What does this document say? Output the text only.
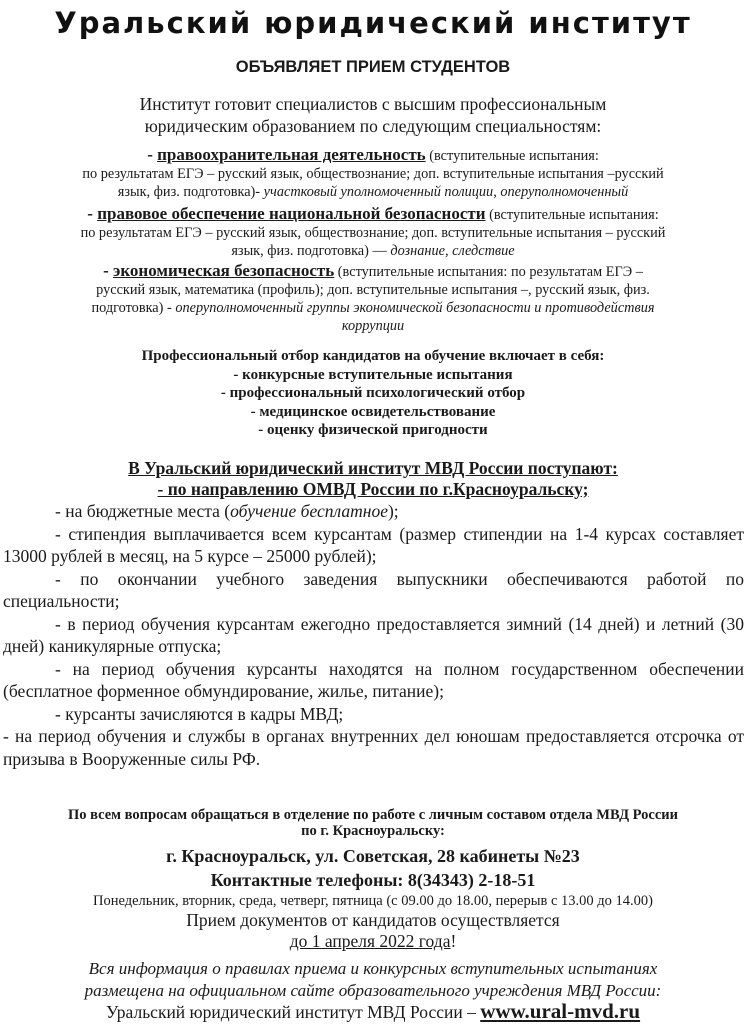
Уральский юридический институт
ОБЪЯВЛЯЕТ ПРИЕМ СТУДЕНТОВ
Институт готовит специалистов с высшим профессиональным
юридическим образованием по следующим специальностям:
- правоохранительная деятельность (вступительные испытания:
по результатам ЕГЭ – русский язык, обществознание; доп. вступительные испытания –русский
язык, физ. подготовка)- участковый уполномоченный полиции, оперуполномоченный
- правовое обеспечение национальной безопасности (вступительные испытания:
по результатам ЕГЭ – русский язык, обществознание; доп. вступительные испытания – русский
язык, физ. подготовка) — дознание, следствие
- экономическая безопасность (вступительные испытания: по результатам ЕГЭ –
русский язык, математика (профиль); доп. вступительные испытания –, русский язык, физ.
подготовка) - оперуполномоченный группы экономической безопасности и противодействия
коррупции
Профессиональный отбор кандидатов на обучение включает в себя:
- конкурсные вступительные испытания
- профессиональный психологический отбор
- медицинское освидетельствование
- оценку физической пригодности
В Уральский юридический институт МВД России поступают:
- по направлению ОМВД России по г.Красноуральску;

- на бюджетные места (обучение бесплатное);

- стипендия выплачивается всем курсантам (размер стипендии на 1-4 курсах составляет 13000 рублей в месяц, на 5 курсе – 25000 рублей);

- по окончании учебного заведения выпускники обеспечиваются работой по специальности;

- в период обучения курсантам ежегодно предоставляется зимний (14 дней) и летний (30 дней) каникулярные отпуска;

- на период обучения курсанты находятся на полном государственном обеспечении (бесплатное форменное обмундирование, жилье, питание);

- курсанты зачисляются в кадры МВД;

- на период обучения и службы в органах внутренних дел юношам предоставляется отсрочка от призыва в Вооруженные силы РФ.

По всем вопросам обращаться в отделение по работе с личным составом отдела МВД России
по г. Красноуральску:
г. Красноуральск, ул. Советская, 28 кабинеты №23
Контактные телефоны: 8(34343) 2-18-51
Понедельник, вторник, среда, четверг, пятница (с 09.00 до 18.00, перерыв с 13.00 до 14.00)
Прием документов от кандидатов осуществляется
до 1 апреля 2022 года!
Вся информация о правилах приема и конкурсных вступительных испытаниях
размещена на официальном сайте образовательного учреждения МВД России:
Уральский юридический институт МВД России – www.ural-mvd.ru
